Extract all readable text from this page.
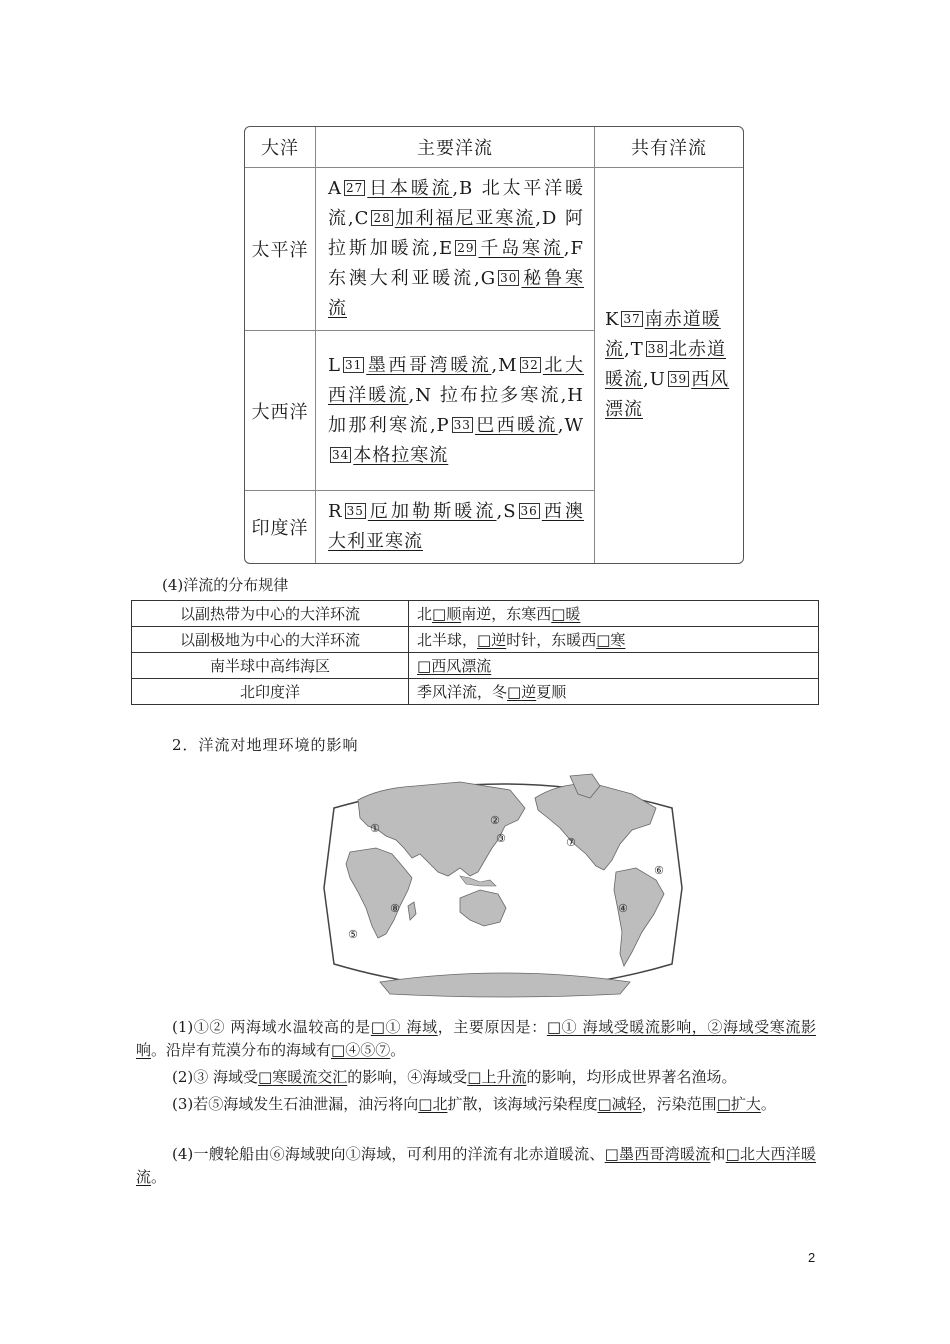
大洋	主要洋流	共有洋流
太平洋	A 27 日本暖流,B 北太平洋暖流,C 28 加利福尼亚寒流,D 阿拉斯加暖流,E 29 千岛寒流,F 东澳大利亚暖流,G 30 秘鲁寒流	K 37 南赤道暖流,T 38 北赤道暖流,U 39 西风漂流
大西洋	L 31 墨西哥湾暖流,M 32 北大西洋暖流,N 拉布拉多寒流,H 加那利寒流,P 33 巴西暖流,W34 本格拉寒流	
印度洋	R 35 厄加勒斯暖流,S 36 西澳大利亚寒流	
(4)洋流的分布规律
以副热带为中心的大洋环流	北□顺南逆，东寒西□暖
以副极地为中心的大洋环流	北半球，□逆时针，东暖西□寒
南半球中高纬海区	□西风漂流
北印度洋	季风洋流，冬□逆夏顺
2．洋流对地理环境的影响
①
②
③
④
⑤
⑥
⑦
⑧
(1)①② 两海域水温较高的是□① 海域，主要原因是：□① 海域受暖流影响，②海域受寒流影响。沿岸有荒漠分布的海域有□④⑤⑦。
(2)③ 海域受□寒暖流交汇的影响，④海域受□上升流的影响，均形成世界著名渔场。
(3)若⑤海域发生石油泄漏，油污将向□北扩散，该海域污染程度□减轻，污染范围□扩大。
(4)一艘轮船由⑥海域驶向①海域，可利用的洋流有北赤道暖流、□墨西哥湾暖流和□北大西洋暖流。
2
